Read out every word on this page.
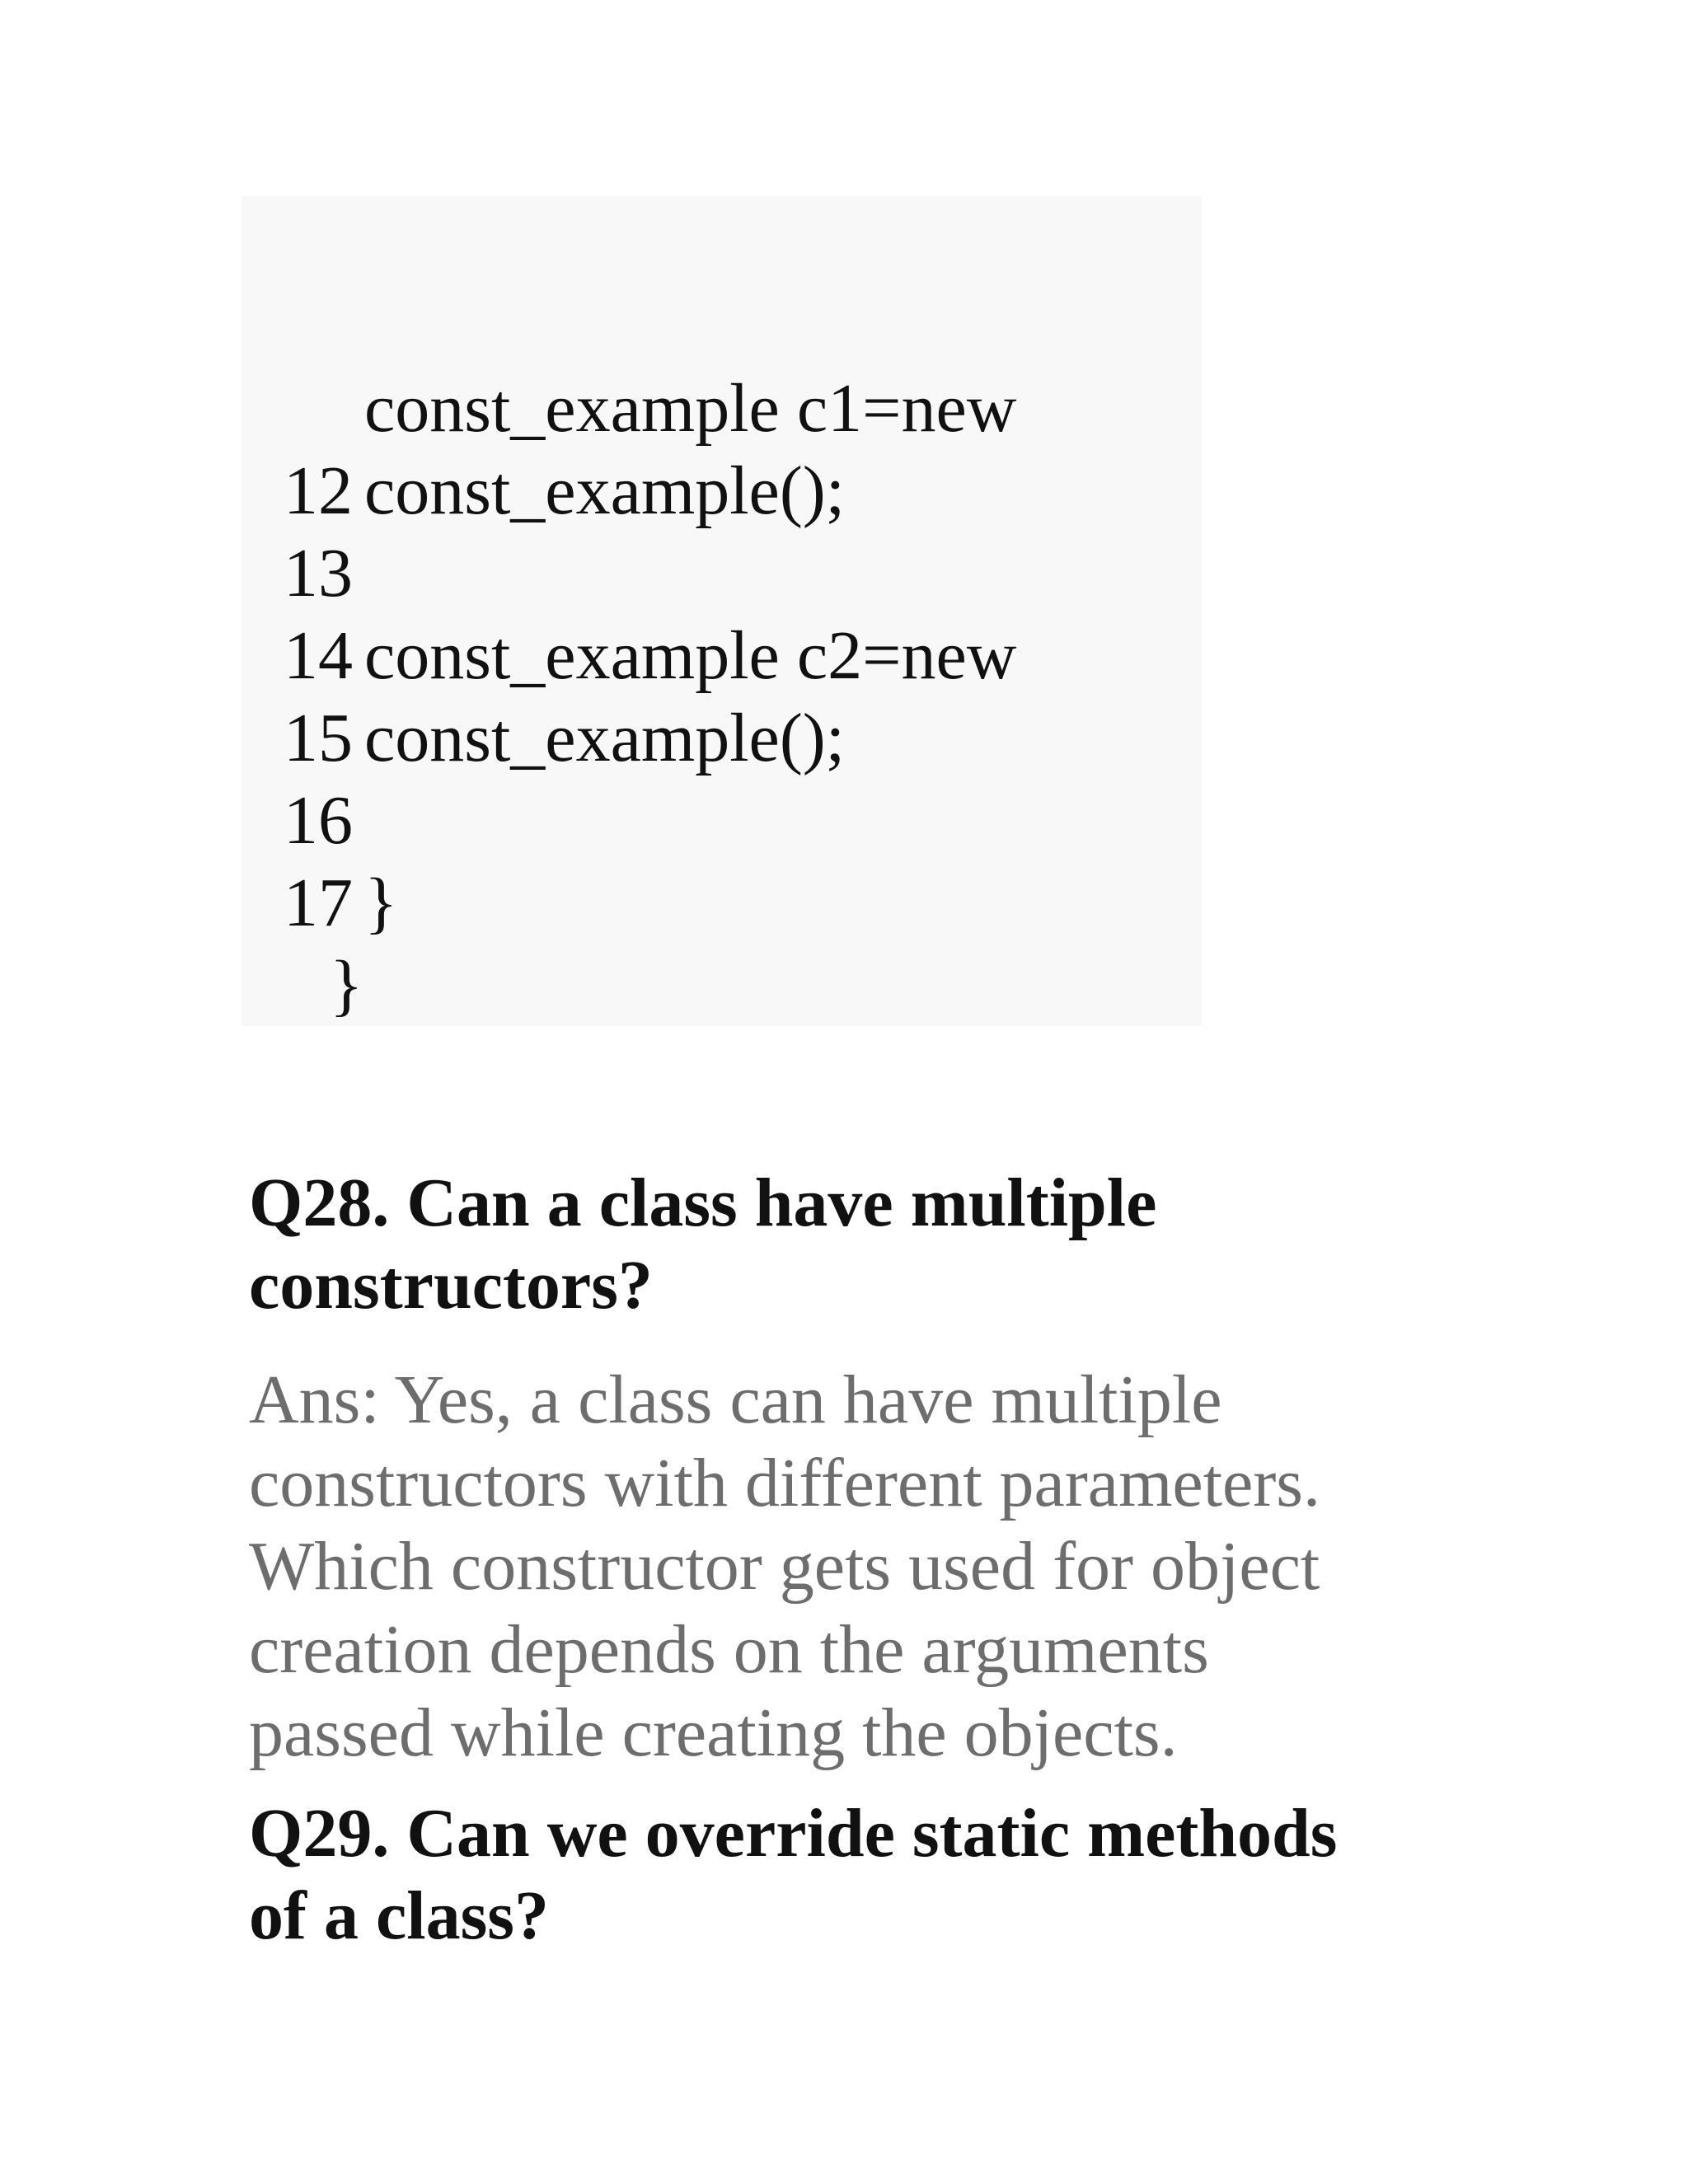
const_example c1=new

12 const_example();

13

14 const_example c2=new

15 const_example();

16

17 }

}
Q28. Can a class have multiple
constructors?
Ans: Yes, a class can have multiple
constructors with different parameters.
Which constructor gets used for object
creation depends on the arguments
passed while creating the objects.
Q29. Can we override static methods
of a class?
